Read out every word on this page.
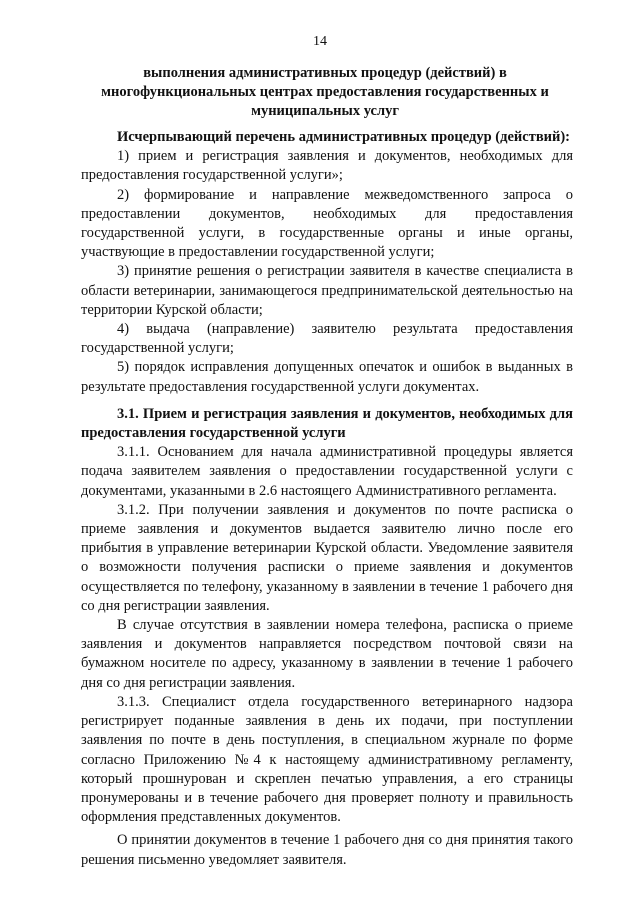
14
выполнения административных процедур (действий) в многофункциональных центрах предоставления государственных и муниципальных услуг

Исчерпывающий перечень административных процедур (действий):

1) прием и регистрация заявления и документов, необходимых для предоставления государственной услуги»;

2) формирование и направление межведомственного запроса о предоставлении документов, необходимых для предоставления государственной услуги, в государственные органы и иные органы, участвующие в предоставлении государственной услуги;

3) принятие решения о регистрации заявителя в качестве специалиста в области ветеринарии, занимающегося предпринимательской деятельностью на территории Курской области;

4) выдача (направление) заявителю результата предоставления государственной услуги;

5) порядок исправления допущенных опечаток и ошибок в выданных в результате предоставления государственной услуги документах.

3.1. Прием и регистрация заявления и документов, необходимых для предоставления государственной услуги

3.1.1. Основанием для начала административной процедуры является подача заявителем заявления о предоставлении государственной услуги с документами, указанными в 2.6 настоящего Административного регламента.

3.1.2. При получении заявления и документов по почте расписка о приеме заявления и документов выдается заявителю лично после его прибытия в управление ветеринарии Курской области. Уведомление заявителя о возможности получения расписки о приеме заявления и документов осуществляется по телефону, указанному в заявлении в течение 1 рабочего дня со дня регистрации заявления.

В случае отсутствия в заявлении номера телефона, расписка о приеме заявления и документов направляется посредством почтовой связи на бумажном носителе по адресу, указанному в заявлении в течение 1 рабочего дня со дня регистрации заявления.

3.1.3. Специалист отдела государственного ветеринарного надзора регистрирует поданные заявления в день их подачи, при поступлении заявления по почте в день поступления, в специальном журнале по форме согласно Приложению №4 к настоящему административному регламенту, который прошнурован и скреплен печатью управления, а его страницы пронумерованы и в течение рабочего дня проверяет полноту и правильность оформления представленных документов.

О принятии документов в течение 1 рабочего дня со дня принятия такого решения письменно уведомляет заявителя.
